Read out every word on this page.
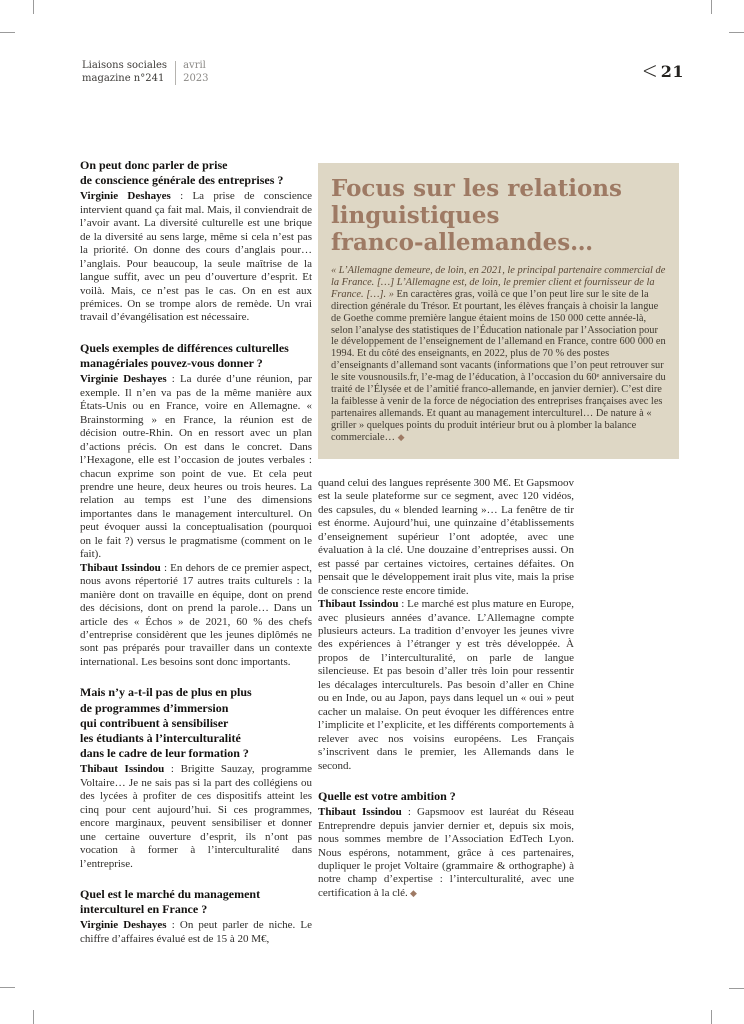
Liaisons sociales
magazine n°241
avril
2023	< 21
On peut donc parler de prise
de conscience générale des entreprises ?

Virginie Deshayes : La prise de conscience intervient quand ça fait mal. Mais, il conviendrait de l’avoir avant. La diversité culturelle est une brique de la diversité au sens large, même si cela n’est pas la priorité. On donne des cours d’anglais pour… l’anglais. Pour beaucoup, la seule maîtrise de la langue suffit, avec un peu d’ouverture d’esprit. Et voilà. Mais, ce n’est pas le cas. On en est aux prémices. On se trompe alors de remède. Un vrai travail d’évangélisation est nécessaire.

Quels exemples de différences culturelles
managériales pouvez-vous donner ?

Virginie Deshayes : La durée d’une réunion, par exemple. Il n’en va pas de la même manière aux États-Unis ou en France, voire en Allemagne. « Brainstorming » en France, la réunion est de décision outre-Rhin. On en ressort avec un plan d’actions précis. On est dans le concret. Dans l’Hexagone, elle est l’occasion de joutes verbales : chacun exprime son point de vue. Et cela peut prendre une heure, deux heures ou trois heures. La relation au temps est l’une des dimensions importantes dans le management interculturel. On peut évoquer aussi la conceptualisation (pourquoi on le fait ?) versus le pragmatisme (comment on le fait).

Thibaut Issindou : En dehors de ce premier aspect, nous avons répertorié 17 autres traits culturels : la manière dont on travaille en équipe, dont on prend des décisions, dont on prend la parole… Dans un article des « Échos » de 2021, 60 % des chefs d’entreprise considèrent que les jeunes diplômés ne sont pas préparés pour travailler dans un contexte international. Les besoins sont donc importants.

Mais n’y a-t-il pas de plus en plus
de programmes d’immersion
qui contribuent à sensibiliser
les étudiants à l’interculturalité
dans le cadre de leur formation ?

Thibaut Issindou : Brigitte Sauzay, programme Voltaire… Je ne sais pas si la part des collégiens ou des lycées à profiter de ces dispositifs atteint les cinq pour cent aujourd’hui. Si ces programmes, encore marginaux, peuvent sensibiliser et donner une certaine ouverture d’esprit, ils n’ont pas vocation à former à l’interculturalité dans l’entreprise.

Quel est le marché du management
interculturel en France ?

Virginie Deshayes : On peut parler de niche. Le chiffre d’affaires évalué est de 15 à 20 M€,

Focus sur les relations
linguistiques
franco-allemandes…

« L’Allemagne demeure, de loin, en 2021, le principal partenaire commercial de la France. […] L’Allemagne est, de loin, le premier client et fournisseur de la France. […]. » En caractères gras, voilà ce que l’on peut lire sur le site de la direction générale du Trésor. Et pourtant, les élèves français à choisir la langue de Goethe comme première langue étaient moins de 150 000 cette année-là, selon l’analyse des statistiques de l’Éducation nationale par l’Association pour le développement de l’enseignement de l’allemand en France, contre 600 000 en 1994. Et du côté des enseignants, en 2022, plus de 70 % des postes d’enseignants d’allemand sont vacants (informations que l’on peut retrouver sur le site vousnousils.fr, l’e-mag de l’éducation, à l’occasion du 60ᵉ anniversaire du traité de l’Élysée et de l’amitié franco-allemande, en janvier dernier). C’est dire la faiblesse à venir de la force de négociation des entreprises françaises avec les partenaires allemands. Et quant au management interculturel… De nature à « griller » quelques points du produit intérieur brut ou à plomber la balance commerciale… ◆

quand celui des langues représente 300 M€. Et Gapsmoov est la seule plateforme sur ce segment, avec 120 vidéos, des capsules, du « blended learning »… La fenêtre de tir est énorme. Aujourd’hui, une quinzaine d’établissements d’enseignement supérieur l’ont adoptée, avec une évaluation à la clé. Une douzaine d’entreprises aussi. On est passé par certaines victoires, certaines défaites. On pensait que le développement irait plus vite, mais la prise de conscience reste encore timide.

Thibaut Issindou : Le marché est plus mature en Europe, avec plusieurs années d’avance. L’Allemagne compte plusieurs acteurs. La tradition d’envoyer les jeunes vivre des expériences à l’étranger y est très développée. À propos de l’interculturalité, on parle de langue silencieuse. Et pas besoin d’aller très loin pour ressentir les décalages interculturels. Pas besoin d’aller en Chine ou en Inde, ou au Japon, pays dans lequel un « oui » peut cacher un malaise. On peut évoquer les différences entre l’implicite et l’explicite, et les différents comportements à relever avec nos voisins européens. Les Français s’inscrivent dans le premier, les Allemands dans le second.

Quelle est votre ambition ?

Thibaut Issindou : Gapsmoov est lauréat du Réseau Entreprendre depuis janvier dernier et, depuis six mois, nous sommes membre de l’Association EdTech Lyon. Nous espérons, notamment, grâce à ces partenaires, dupliquer le projet Voltaire (grammaire & orthographe) à notre champ d’expertise : l’interculturalité, avec une certification à la clé. ◆
